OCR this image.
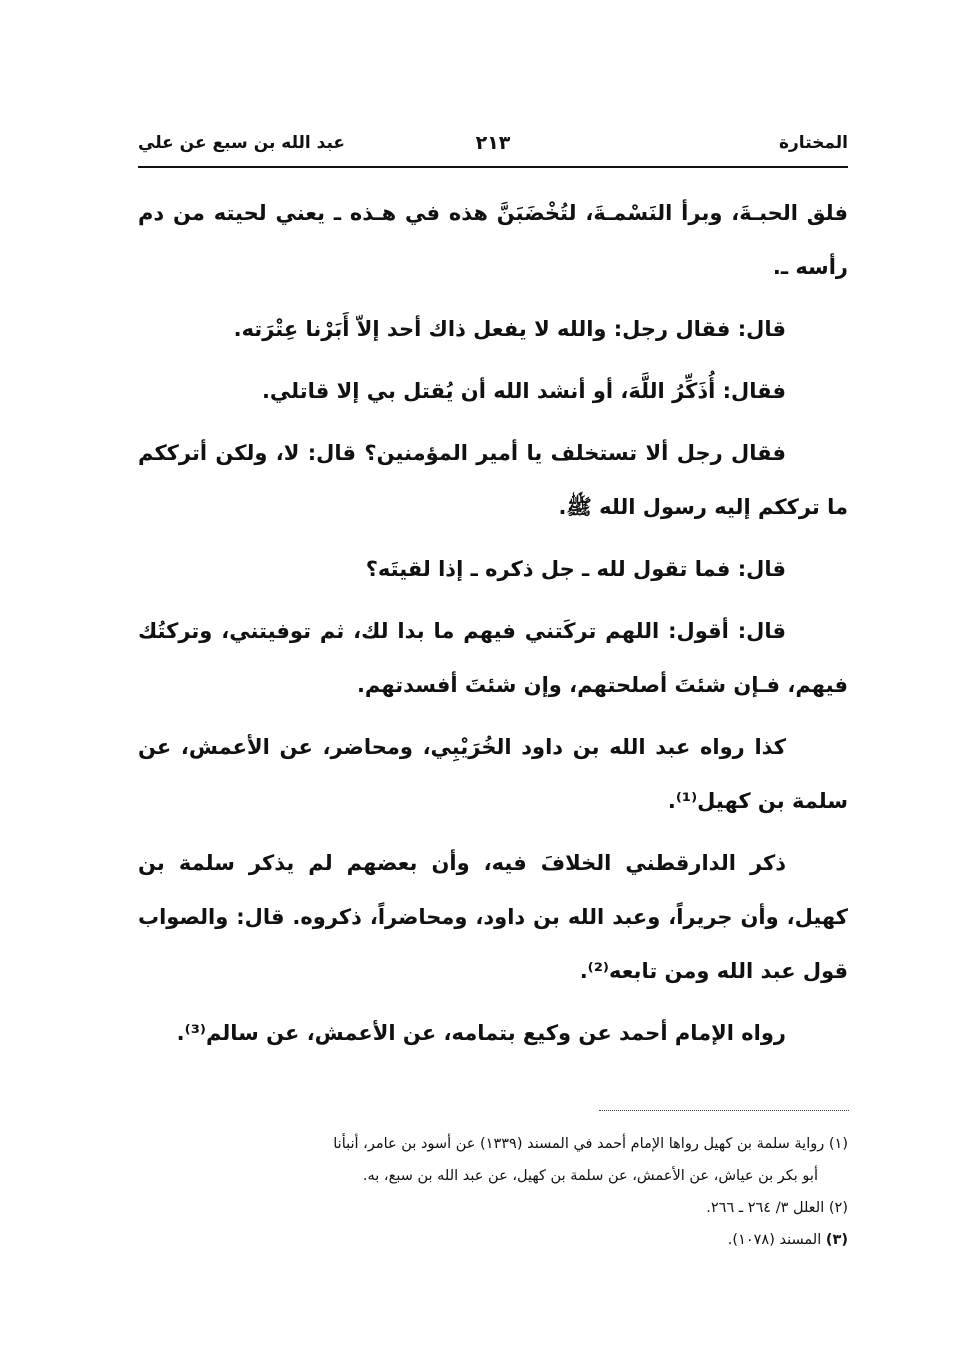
المختارة
٢١٣
عبد الله بن سبع عن علي

فلق الحبـةَ، وبرأ النَسْمـةَ، لتُخْضَبَنَّ هذه في هـذه ـ يعني لحيته من دم رأسه ـ.

قال: فقال رجل: والله لا يفعل ذاك أحد إلاّ أَبَرْنا عِتْرَته.

فقال: أُذَكِّرُ اللَّهَ، أو أنشد الله أن يُقتل بي إلا قاتلي.

فقال رجل ألا تستخلف يا أمير المؤمنين؟ قال: لا، ولكن أترككم ما ترككم إليه رسول الله ﷺ.

قال: فما تقول لله ـ جل ذكره ـ إذا لقيتَه؟

قال: أقول: اللهم تركَتني فيهم ما بدا لك، ثم توفيتني، وتركتُك فيهم، فـإن شئتَ أصلحتهم، وإن شئتَ أفسدتهم.

كذا رواه عبد الله بن داود الخُرَيْبِي، ومحاضر، عن الأعمش، عن سلمة بن كهيل⁽¹⁾.

ذكر الدارقطني الخلافَ فيه، وأن بعضهم لم يذكر سلمة بن كهيل، وأن جريراً، وعبد الله بن داود، ومحاضراً، ذكروه. قال: والصواب قول عبد الله ومن تابعه⁽²⁾.

رواه الإمام أحمد عن وكيع بتمامه، عن الأعمش، عن سالم⁽³⁾.

(١) رواية سلمة بن كهيل رواها الإمام أحمد في المسند (١٣٣٩) عن أسود بن عامر، أنبأنا

أبو بكر بن عياش، عن الأعمش، عن سلمة بن كهيل، عن عبد الله بن سبع، به.

(٢) العلل ٣/ ٢٦٤ ـ ٢٦٦.

(٣) المسند (١٠٧٨).
